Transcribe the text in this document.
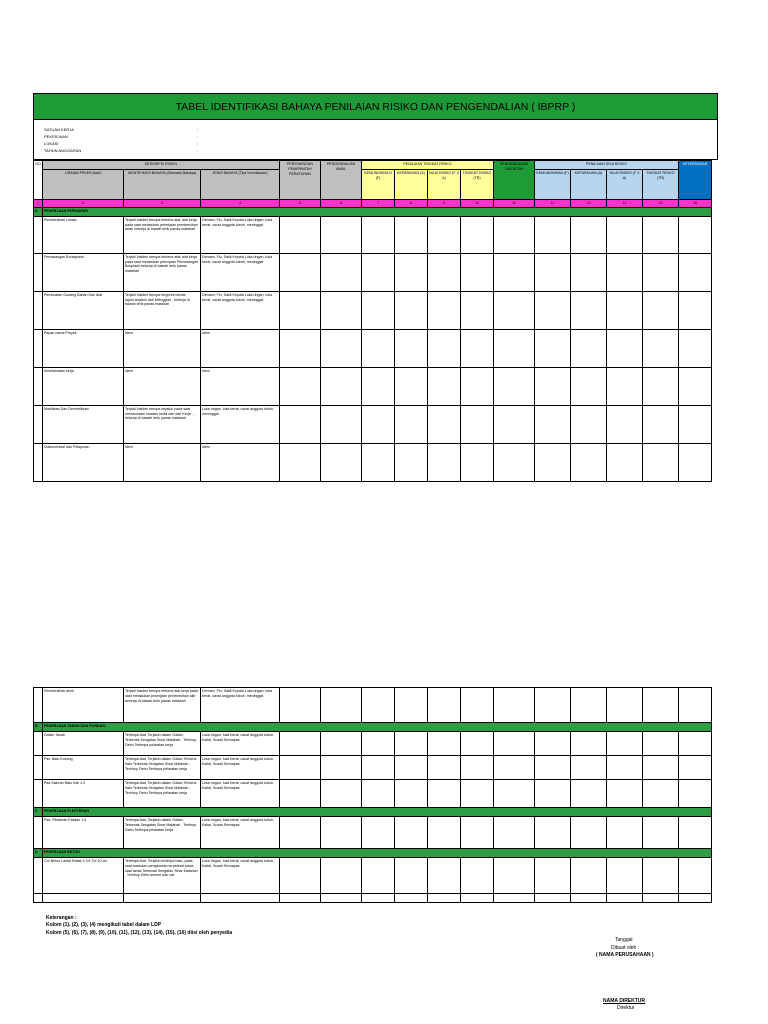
TABEL IDENTIFIKASI BAHAYA PENILAIAN RISIKO DAN PENGENDALIAN ( IBPRP )
SATUAN KERJA	:
PEKERJAAN	:
LOKASI	:
TAHUN ANGGARAN	:
NO	DESKRIPSI RISIKO			PERSYARATAN PEMERINTAH PERATURAN	PENGENDALIAN AWAL	PENILAIAN TINGKAT RISIKO				PENGENDALIAN LANJUTAN	PENILAIAN SISA RISIKO				KETERANGAN
	URAIAN PEKERJAAN	IDENTIFIKASI BAHAYA (Skenario Bahaya)	JENIS BAHAYA (Tipe Kecelakaan)			KEMUNGKINA N (F)	KEPARAHAN (A)	NILAI RISIKO (F X A)	TINGKAT RISIKO (TR)		KEMUNGKINAN (F)	KEPARAHAN (A)	NILAI RISIKO (F X A)	TINGKAT RISIKO (TR)	
1	2	3	4	5	6	7	8	9	10	11	12	13	14	15	16
A	PEKERJAAN PERSIAPAN														
	Pembersihan Lokasi	Terjadi Insiden berupa terkena alat; alat kerja pada saat melakukan pekerjaan pembersihan awal, bekerja di bawah terik panas matahari	Demam, Flu, Sakit Kepala Luka ringan, luka berat, cacat anggota tubuh, meninggal												
	Pemasangan Bouwplank	Terjadi Insiden berupa terkena alat; alat kerja pada saat melakukan pekerjaan Pemasangan Bouplank bekerja di bawah terik panas matahari	Demam, Flu, Sakit Kepala Luka ringan, luka berat, cacat anggota tubuh, meninggal												
	Pembuatan Gudang Bahan Dan Alat	Terjadi Insiden berupa tergores benda tajam,terjatuh dari ketinggian , bekerja di bawah terik panas matahari	Demam, Flu, Sakit Kepala Luka ringan, luka berat, cacat anggota tubuh, meninggal												
	Papan nama Proyek	Idem	Idem												
	Keselamatan kerja	Idem	Idem												
	Mobilisasi Dan Demobilisasi	Terjadi Insiden berupa terjatuh pada saat membukaan muatan mobil dan dari Kerja , , bekerja di bawah terik panas matahari	Luka ringan, luka berat, cacat anggota tubuh, meninggal												
	Dokumentasi dan Pelaporan	Idem	Idem												
	Pembersihan akhir	Terjadi Insiden berupa terkena alat kerja pada saat melakukan pekerjaan pembersihan akir bekerja di bawah terik panas matahari	Demam, Flu, Sakit Kepala Luka ringan, luka berat, cacat anggota tubuh, meninggal												
B	PEKERJAAN TANAH DAN PONDASI														
	Galian Tanah	Tertimpa Alat, Terjatuh dalam Galian, Terkenak Sengatan Sinar Matahari , Terhirup Debu Tertimpa pelaratan kerja	Luka ringan, luka berat, cacat anggota tubuh, Kaitai, Susah Bernapas												
	Pss. Batu Kosong	Tertimpa Alat, Terjatuh dalam Galian Terkena batu Terkenak Sengatan Sinar Matahari , Terhirup Debu Tertimpa pelaratan kerja	Luka ringan, luka berat, cacat anggota tubuh, Kaitai, Susah Bernapas												
	Pas.Saluran Batu Kali 1:4	Tertimpa Alat, Terjatuh dalam Galian Terkena batu Terkenak Sengatan Sinar Matahari , Terhirup Debu Tertimpa pelaratan kerja	Luka ringan, luka berat, cacat anggota tubuh, Kaitai, Susah Bernapas												
C	PEKERJAAN PLESTERAN														
	Pas. Plesteran Pasilan 1:3	Tertimpa Alat, Terjatuh dalam Galian, Terkenak Sengatan Sinar Matahari , Terhirup Debu Tertimpa pelaratan kerja	Luka ringan, luka berat, cacat anggota tubuh, Kaitai, Susah Bernapas												
D	PEKERJAAN BETON														
	Cor Beton Lantai Rabat 1:3:5 Tbl 10 cm	Tertimpa Alat, Terjatuh tertimpa batu, pada saat maduken pengecoran terpeleset pada saat lantai Terkenak Sengatan Sinar Matahari , Terhirup Debu semen dan cat	Luka ringan, luka berat, cacat anggota tubuh, Kaitai, Susah Bernapas												

Keterangan :
Kolom (1), (2), (3), (4) mengikuti tabel dalam LDP
Kolom (5), (6), (7), (8), (9), (10), (11), (12), (13), (14), (15), (16) diisi oleh penyedia
Tanggal
Dibuat oleh :
( NAMA PERUSAHAAN )
NAMA DIREKTUR
Direktur
